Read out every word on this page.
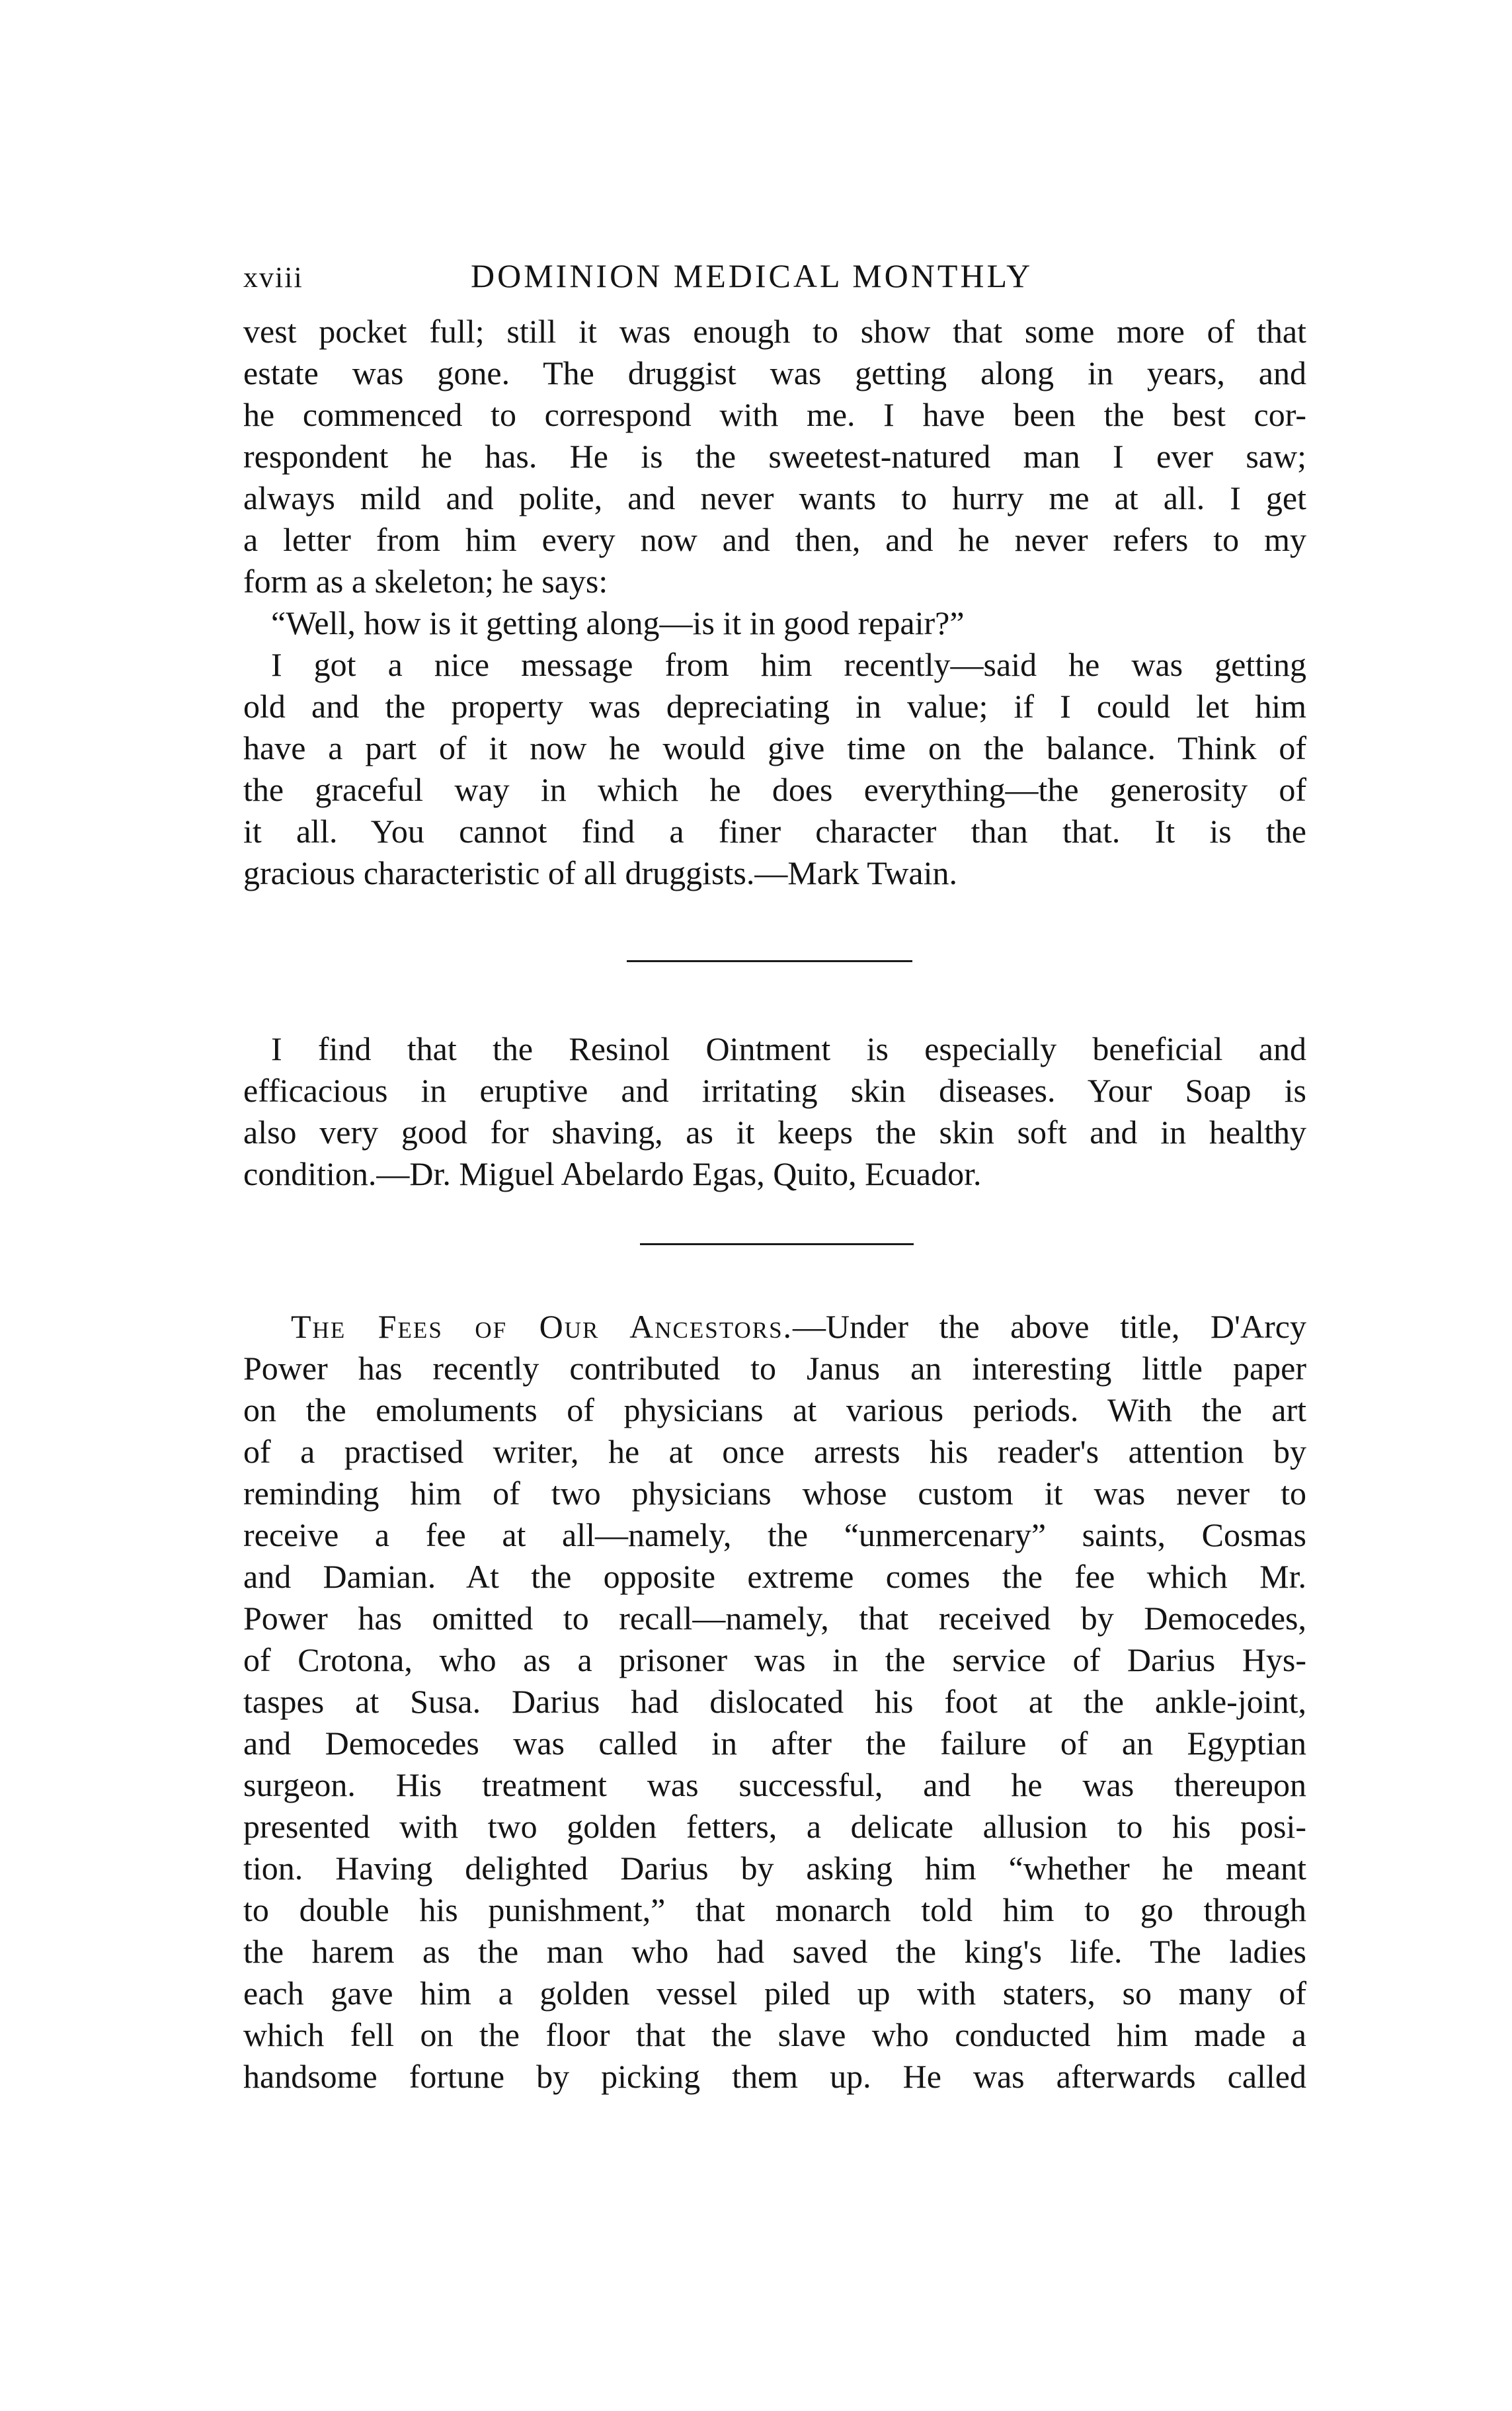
xviii	DOMINION MEDICAL MONTHLY
vest pocket full; still it was enough to show that some more of that
estate was gone. The druggist was getting along in years, and
he commenced to correspond with me. I have been the best cor-
respondent he has. He is the sweetest-natured man I ever saw;
always mild and polite, and never wants to hurry me at all. I get
a letter from him every now and then, and he never refers to my
form as a skeleton; he says:
“Well, how is it getting along—is it in good repair?”
I got a nice message from him recently—said he was getting
old and the property was depreciating in value; if I could let him
have a part of it now he would give time on the balance. Think of
the graceful way in which he does everything—the generosity of
it all. You cannot find a finer character than that. It is the
gracious characteristic of all druggists.—Mark Twain.
I find that the Resinol Ointment is especially beneficial and
efficacious in eruptive and irritating skin diseases. Your Soap is
also very good for shaving, as it keeps the skin soft and in healthy
condition.—Dr. Miguel Abelardo Egas, Quito, Ecuador.
The Fees of Our Ancestors.—Under the above title, D'Arcy
Power has recently contributed to Janus an interesting little paper
on the emoluments of physicians at various periods. With the art
of a practised writer, he at once arrests his reader's attention by
reminding him of two physicians whose custom it was never to
receive a fee at all—namely, the “unmercenary” saints, Cosmas
and Damian. At the opposite extreme comes the fee which Mr.
Power has omitted to recall—namely, that received by Democedes,
of Crotona, who as a prisoner was in the service of Darius Hys-
taspes at Susa. Darius had dislocated his foot at the ankle-joint,
and Democedes was called in after the failure of an Egyptian
surgeon. His treatment was successful, and he was thereupon
presented with two golden fetters, a delicate allusion to his posi-
tion. Having delighted Darius by asking him “whether he meant
to double his punishment,” that monarch told him to go through
the harem as the man who had saved the king's life. The ladies
each gave him a golden vessel piled up with staters, so many of
which fell on the floor that the slave who conducted him made a
handsome fortune by picking them up. He was afterwards called
